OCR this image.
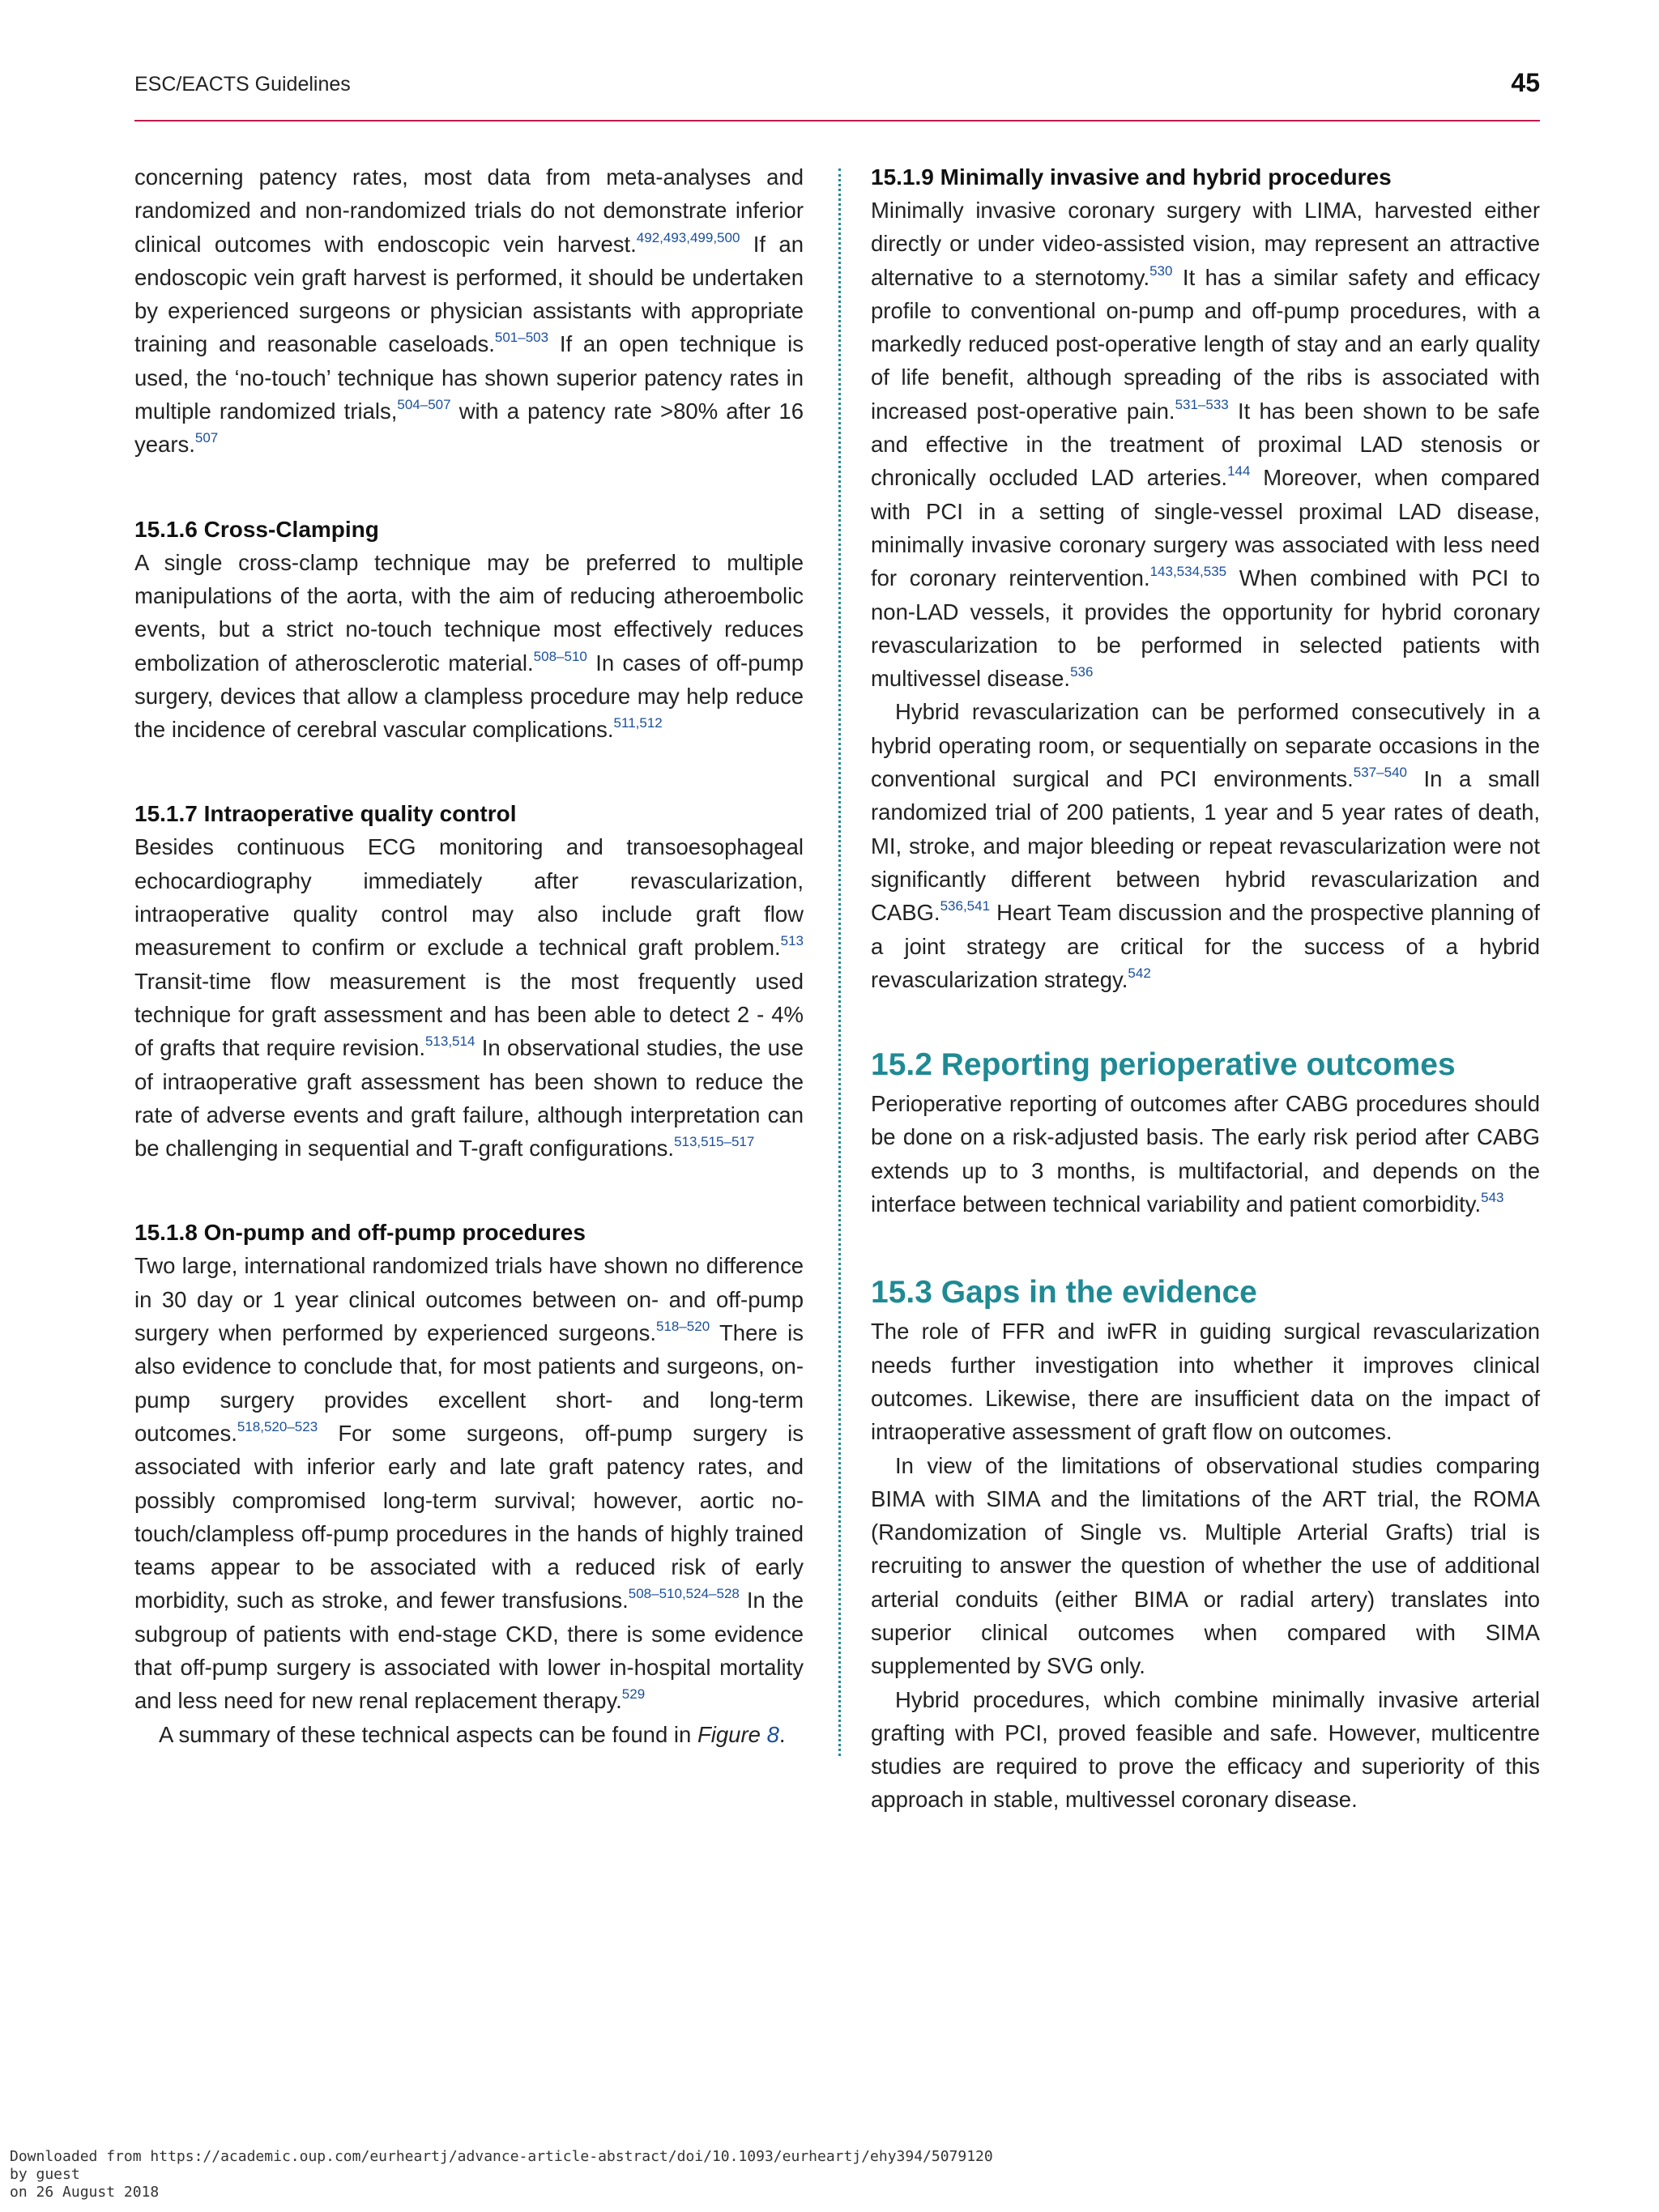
ESC/EACTS Guidelines	45

concerning patency rates, most data from meta-analyses and randomized and non-randomized trials do not demonstrate inferior clinical outcomes with endoscopic vein harvest.$^{492,493,499,500}$ If an endoscopic vein graft harvest is performed, it should be undertaken by experienced surgeons or physician assistants with appropriate training and reasonable caseloads.$^{501-503}$ If an open technique is used, the ‘no-touch’ technique has shown superior patency rates in multiple randomized trials,$^{504-507}$ with a patency rate >80% after 16 years.$^{507}$

15.1.6 Cross-Clamping

A single cross-clamp technique may be preferred to multiple manipulations of the aorta, with the aim of reducing atheroembolic events, but a strict no-touch technique most effectively reduces embolization of atherosclerotic material.$^{508-510}$ In cases of off-pump surgery, devices that allow a clampless procedure may help reduce the incidence of cerebral vascular complications.$^{511,512}$

15.1.7 Intraoperative quality control

Besides continuous ECG monitoring and transoesophageal echocardiography immediately after revascularization, intraoperative quality control may also include graft flow measurement to confirm or exclude a technical graft problem.$^{513}$ Transit-time flow measurement is the most frequently used technique for graft assessment and has been able to detect 2 - 4% of grafts that require revision.$^{513,514}$ In observational studies, the use of intraoperative graft assessment has been shown to reduce the rate of adverse events and graft failure, although interpretation can be challenging in sequential and T-graft configurations.$^{513,515-517}$

15.1.8 On-pump and off-pump procedures

Two large, international randomized trials have shown no difference in 30 day or 1 year clinical outcomes between on- and off-pump surgery when performed by experienced surgeons.$^{518-520}$ There is also evidence to conclude that, for most patients and surgeons, on-pump surgery provides excellent short- and long-term outcomes.$^{518,520-523}$ For some surgeons, off-pump surgery is associated with inferior early and late graft patency rates, and possibly compromised long-term survival; however, aortic no-touch/clampless off-pump procedures in the hands of highly trained teams appear to be associated with a reduced risk of early morbidity, such as stroke, and fewer transfusions.$^{508-510,524-528}$ In the subgroup of patients with end-stage CKD, there is some evidence that off-pump surgery is associated with lower in-hospital mortality and less need for new renal replacement therapy.$^{529}$

A summary of these technical aspects can be found in Figure 8.

15.1.9 Minimally invasive and hybrid procedures

Minimally invasive coronary surgery with LIMA, harvested either directly or under video-assisted vision, may represent an attractive alternative to a sternotomy.$^{530}$ It has a similar safety and efficacy profile to conventional on-pump and off-pump procedures, with a markedly reduced post-operative length of stay and an early quality of life benefit, although spreading of the ribs is associated with increased post-operative pain.$^{531-533}$ It has been shown to be safe and effective in the treatment of proximal LAD stenosis or chronically occluded LAD arteries.$^{144}$ Moreover, when compared with PCI in a setting of single-vessel proximal LAD disease, minimally invasive coronary surgery was associated with less need for coronary reintervention.$^{143,534,535}$ When combined with PCI to non-LAD vessels, it provides the opportunity for hybrid coronary revascularization to be performed in selected patients with multivessel disease.$^{536}$

Hybrid revascularization can be performed consecutively in a hybrid operating room, or sequentially on separate occasions in the conventional surgical and PCI environments.$^{537-540}$ In a small randomized trial of 200 patients, 1 year and 5 year rates of death, MI, stroke, and major bleeding or repeat revascularization were not significantly different between hybrid revascularization and CABG.$^{536,541}$ Heart Team discussion and the prospective planning of a joint strategy are critical for the success of a hybrid revascularization strategy.$^{542}$

15.2 Reporting perioperative outcomes

Perioperative reporting of outcomes after CABG procedures should be done on a risk-adjusted basis. The early risk period after CABG extends up to 3 months, is multifactorial, and depends on the interface between technical variability and patient comorbidity.$^{543}$

15.3 Gaps in the evidence

The role of FFR and iwFR in guiding surgical revascularization needs further investigation into whether it improves clinical outcomes. Likewise, there are insufficient data on the impact of intraoperative assessment of graft flow on outcomes.

In view of the limitations of observational studies comparing BIMA with SIMA and the limitations of the ART trial, the ROMA (Randomization of Single vs. Multiple Arterial Grafts) trial is recruiting to answer the question of whether the use of additional arterial conduits (either BIMA or radial artery) translates into superior clinical outcomes when compared with SIMA supplemented by SVG only.

Hybrid procedures, which combine minimally invasive arterial grafting with PCI, proved feasible and safe. However, multicentre studies are required to prove the efficacy and superiority of this approach in stable, multivessel coronary disease.

Downloaded from https://academic.oup.com/eurheartj/advance-article-abstract/doi/10.1093/eurheartj/ehy394/5079120
by guest
on 26 August 2018
